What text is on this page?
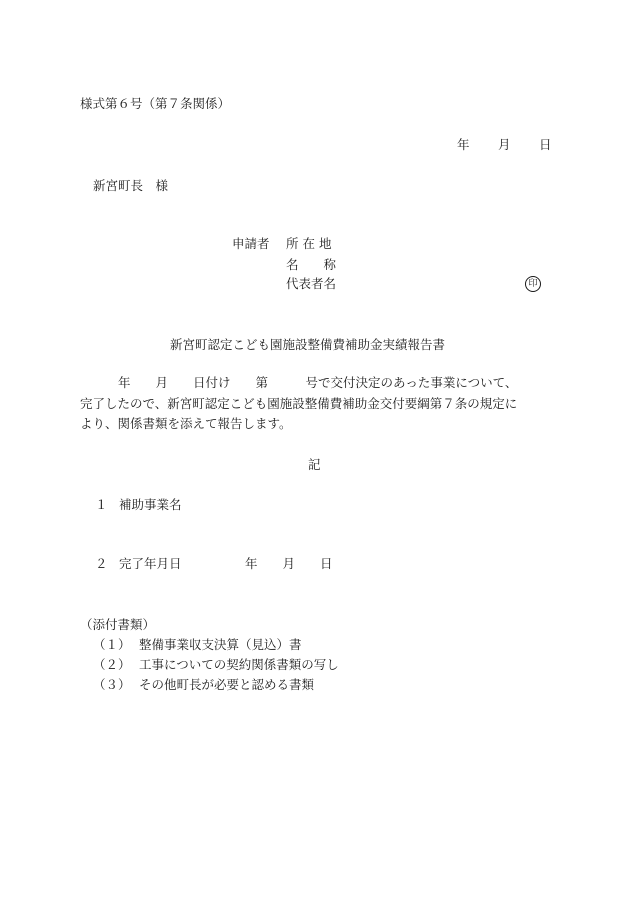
様式第６号（第７条関係）
年 月 日
新宮町長　様
申請者 所 在 地
名　　称
代表者名	印
新宮町認定こども園施設整備費補助金実績報告書
年　　月　　日付け　　第　　　号で交付決定のあった事業について、
完了したので、新宮町認定こども園施設整備費補助金交付要綱第７条の規定に
より、関係書類を添えて報告します。
記
１ 補助事業名
２ 完了年月日	年　　月　　日
（添付書類）
（１） 整備事業収支決算（見込）書
（２） 工事についての契約関係書類の写し
（３） その他町長が必要と認める書類
